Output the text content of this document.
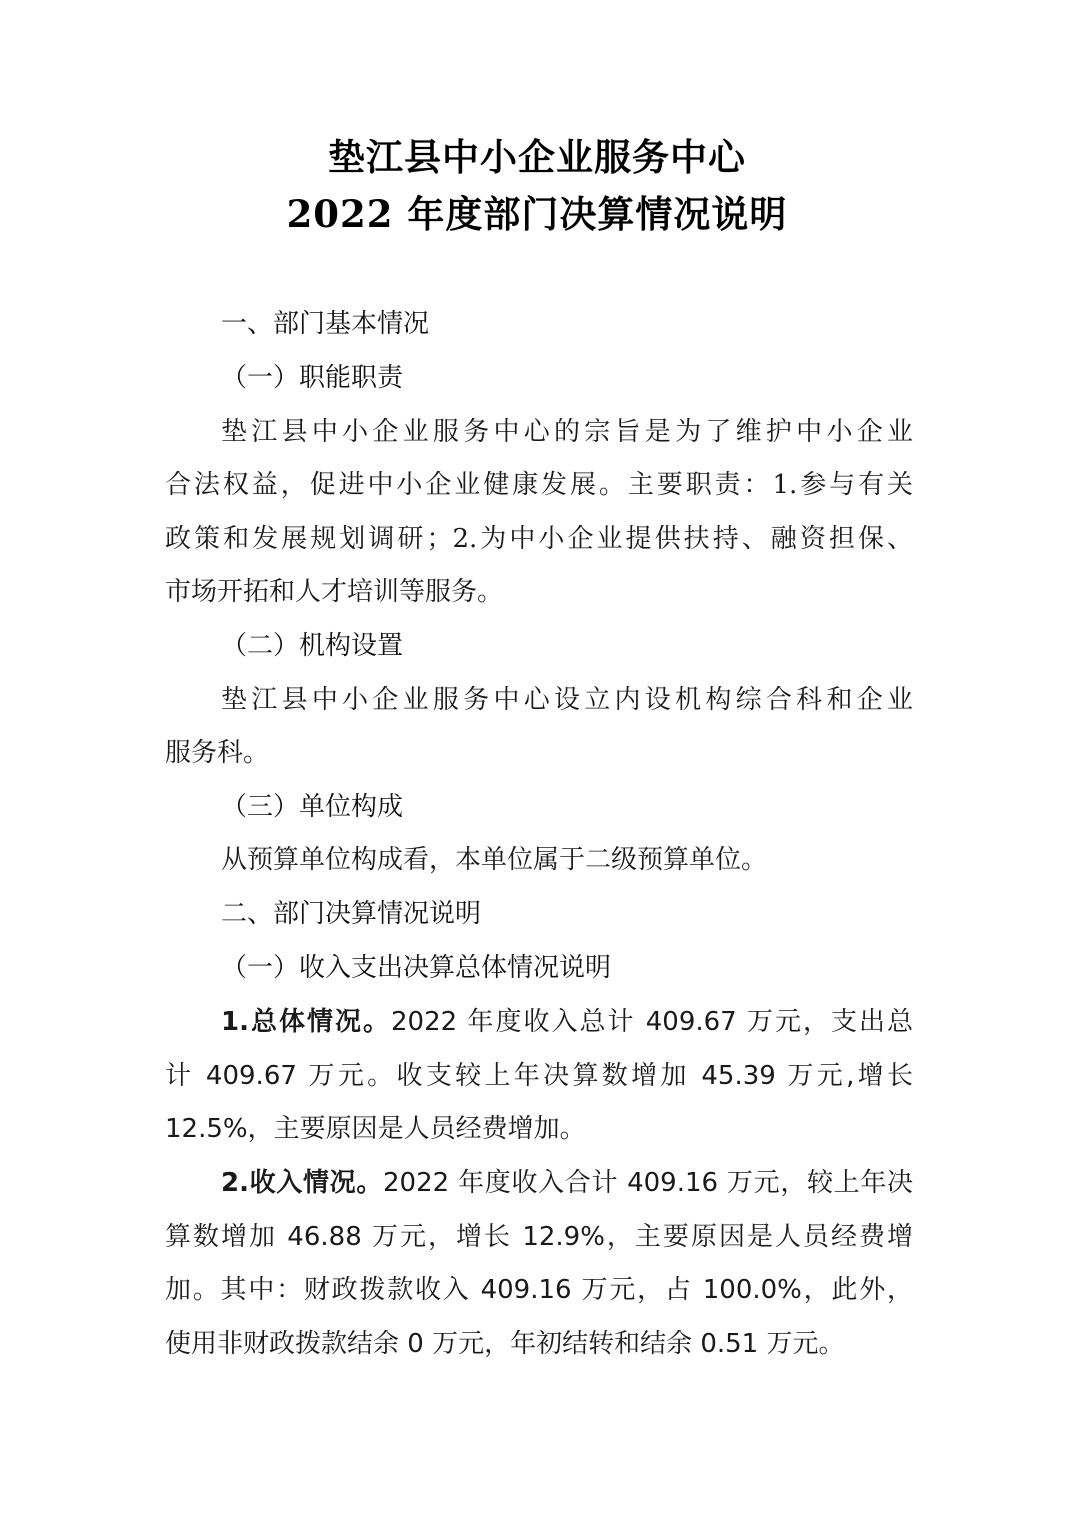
垫江县中小企业服务中心
2022 年度部门决算情况说明
一、部门基本情况
（一）职能职责
垫江县中小企业服务中心的宗旨是为了维护中小企业
合法权益，促进中小企业健康发展。主要职责：1.参与有关
政策和发展规划调研；2.为中小企业提供扶持、融资担保、
市场开拓和人才培训等服务。
（二）机构设置
垫江县中小企业服务中心设立内设机构综合科和企业
服务科。
（三）单位构成
从预算单位构成看，本单位属于二级预算单位。
二、部门决算情况说明
（一）收入支出决算总体情况说明
1.总体情况。2022 年度收入总计 409.67 万元，支出总
计 409.67 万元。收支较上年决算数增加 45.39 万元,增长
12.5%，主要原因是人员经费增加。
2.收入情况。2022 年度收入合计 409.16 万元，较上年决
算数增加 46.88 万元，增长 12.9%，主要原因是人员经费增
加。其中：财政拨款收入 409.16 万元，占 100.0%，此外，
使用非财政拨款结余 0 万元，年初结转和结余 0.51 万元。
